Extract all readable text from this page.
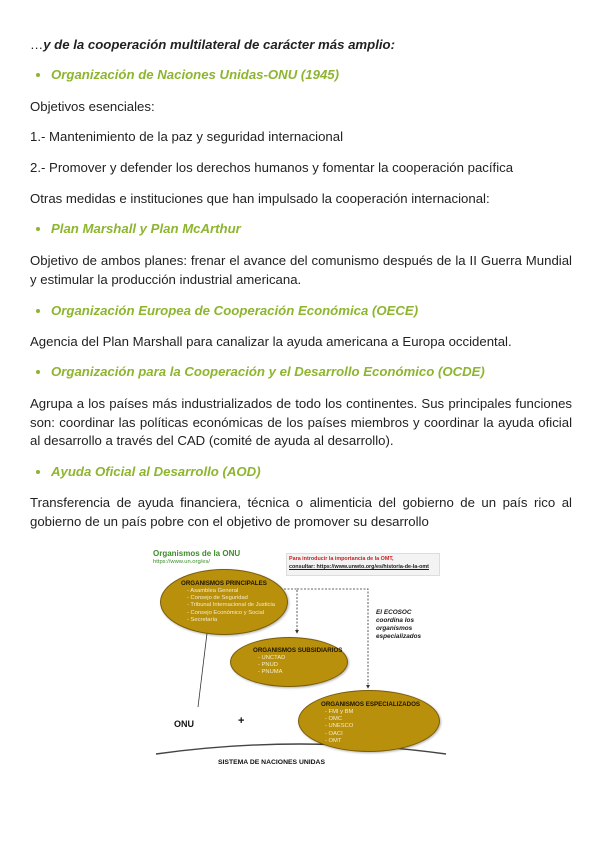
…y de la cooperación multilateral de carácter más amplio:
Organización de Naciones Unidas-ONU (1945)
Objetivos esenciales:
1.- Mantenimiento de la paz y seguridad internacional
2.- Promover y defender los derechos humanos y fomentar la cooperación pacífica
Otras medidas e instituciones que han impulsado la cooperación internacional:
Plan Marshall y Plan McArthur
Objetivo de ambos planes: frenar el avance del comunismo después de la II Guerra Mundial y estimular la producción industrial americana.
Organización Europea de Cooperación Económica (OECE)
Agencia del Plan Marshall para canalizar la ayuda americana a Europa occidental.
Organización para la Cooperación y el Desarrollo Económico (OCDE)
Agrupa a los países más industrializados de todo los continentes. Sus principales funciones son: coordinar las políticas económicas de los países miembros y coordinar la ayuda oficial al desarrollo a través del CAD (comité de ayuda al desarrollo).
Ayuda Oficial al Desarrollo (AOD)
Transferencia de ayuda financiera, técnica o alimenticia del gobierno de un país rico al gobierno de un país pobre con el objetivo de promover su desarrollo
Organismos de la ONU
https://www.un.org/es/	Para introducir la importancia de la OMT,
consultar: https://www.unwto.org/es/historia-de-la-omt
ORGANISMOS PRINCIPALES
- Asamblea General
- Consejo de Seguridad
- Tribunal Internacional de Justicia
- Consejo Económico y Social
- Secretaría
ORGANISMOS SUBSIDIARIOS
- UNCTAD
- PNUD
- PNUMA
El ECOSOC
coordina los
organismos
especializados
ORGANISMOS ESPECIALIZADOS
- FMI y BM
- OMC
- UNESCO
- OACI
- OMT
ONU	+
SISTEMA DE NACIONES UNIDAS
